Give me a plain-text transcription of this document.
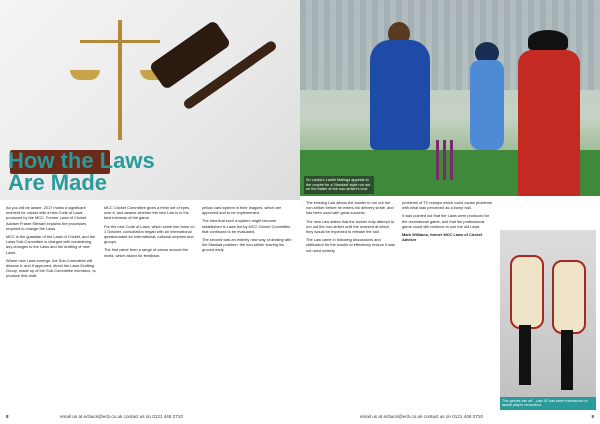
How the Laws
Are Made

As you will be aware, 2017 marks a significant moment for cricket with a new Code of Laws produced by the MCC. Former Laws of Cricket Adviser Fraser Stewart explains the processes required to change the Laws.

MCC is the guardian of the Laws of Cricket, and the Laws Sub-Committee is charged with considering any changes to the Laws and the drafting of new Laws.

Where new Laws emerge, the Sub-Committee will discuss it, and if approved, direct the Laws Drafting Group, made up of the Sub-Committee members, to produce first draft.

MCC Cricket Committee gives a fresh set of eyes over it, and assess whether the new Law is in the best interests of the game.

For the new Code of Laws, which came into force on 1 October, consultation began with an International questionnaire for international, national umpires and groups.

The first came from a range of voices around the world, which asked for feedback.

yellow card system in their leagues, which are approved and to be implemented.

The idea that such a system might become established is Laws but by MCC Cricket Committee that continued to be evaluated.

The second was an entirely new way of dealing with the Mankad problem: the non-striker leaving his ground early.

8	email us at ecbacs@ecb.co.uk contact us on 0121 446 2710
Sri Lanka's Lasith Malinga appeals to the umpire for a 'Mankad' style run out on the batter at the non-striker's end.

The existing Law allows the bowler to run out the non-striker before he enters his delivery stride, and has been used with great success.

The new Law states that the bowler may attempt to run out the non-striker until the moment at which they would be expected to release the ball.

The Law came in following discussions and ratification for the bowler to effectively ensure it was not used unfairly.

problems of TV replays which could cause problems with what was perceived as a bump ball.

It was pointed out that the Laws were produced for the recreational game, and that the professional game could still continue to use the old Laws.

Mark Williams, former MCC Laws of Cricket Adviser

The gloves are off - Law 42 has been introduced to tackle player behaviour.
email us at ecbacs@ecb.co.uk contact us on 0121 446 2710	9
